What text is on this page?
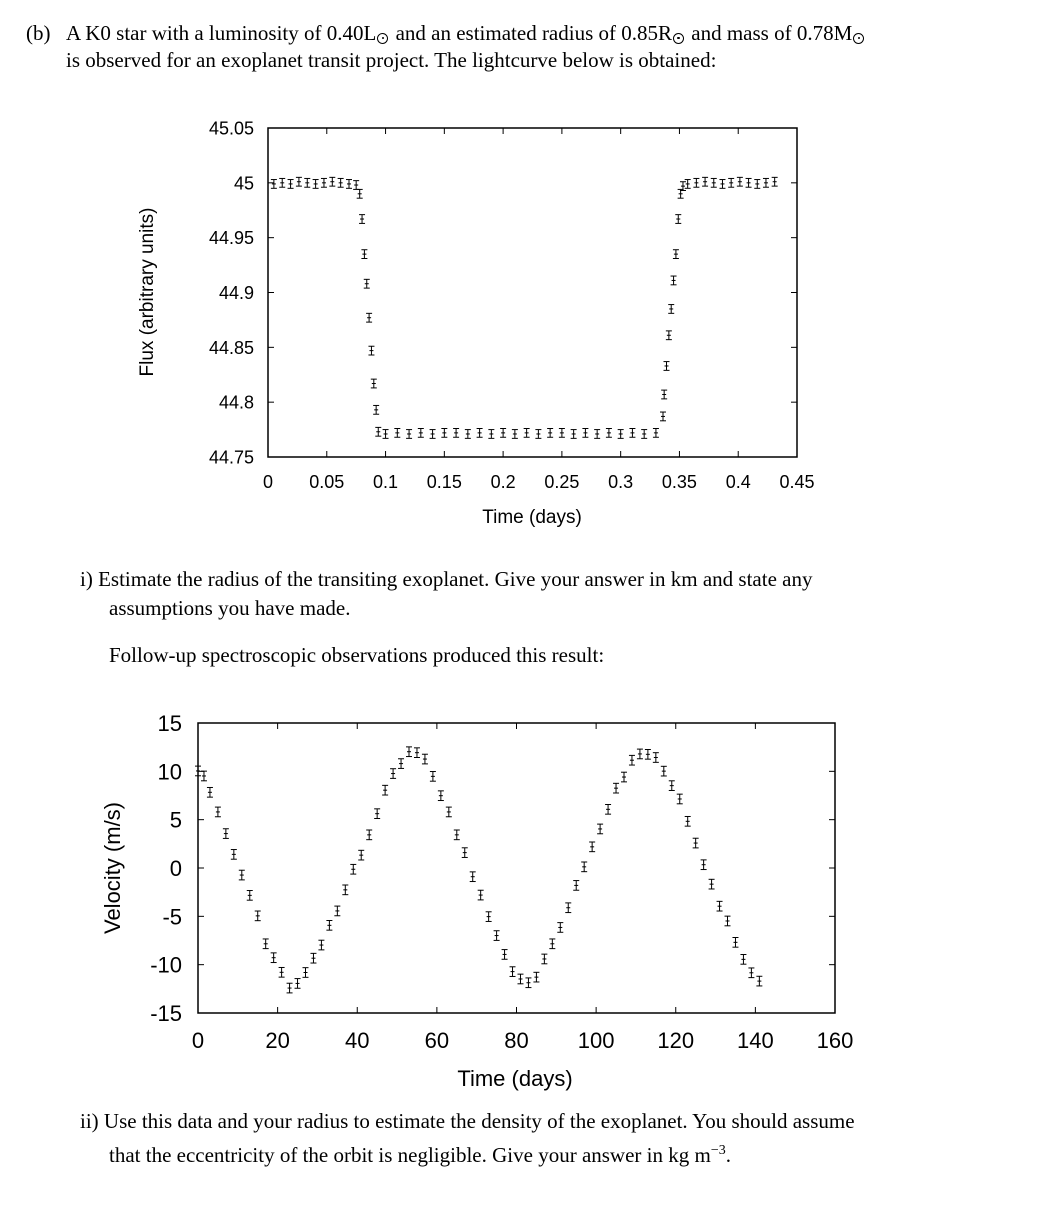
(b) A K0 star with a luminosity of 0.40L and an estimated radius of 0.85R and mass of 0.78M
is observed for an exoplanet transit project. The lightcurve below is obtained:
44.75
44.8
44.85
44.9
44.95
45
45.05
0 0.05 0.1 0.15 0.2 0.25 0.3 0.35 0.4 0.45
Flux (arbitrary units)
Time (days)
-15
-10
-5
0
5
10
15
0	20	40	60	80 100 120 140 160
Velocity (m/s)
Time (days)
i) Estimate the radius of the transiting exoplanet. Give your answer in km and state any
assumptions you have made.
Follow-up spectroscopic observations produced this result:
ii) Use this data and your radius to estimate the density of the exoplanet. You should assume
that the eccentricity of the orbit is negligible. Give your answer in kg $m^{-3}$.
